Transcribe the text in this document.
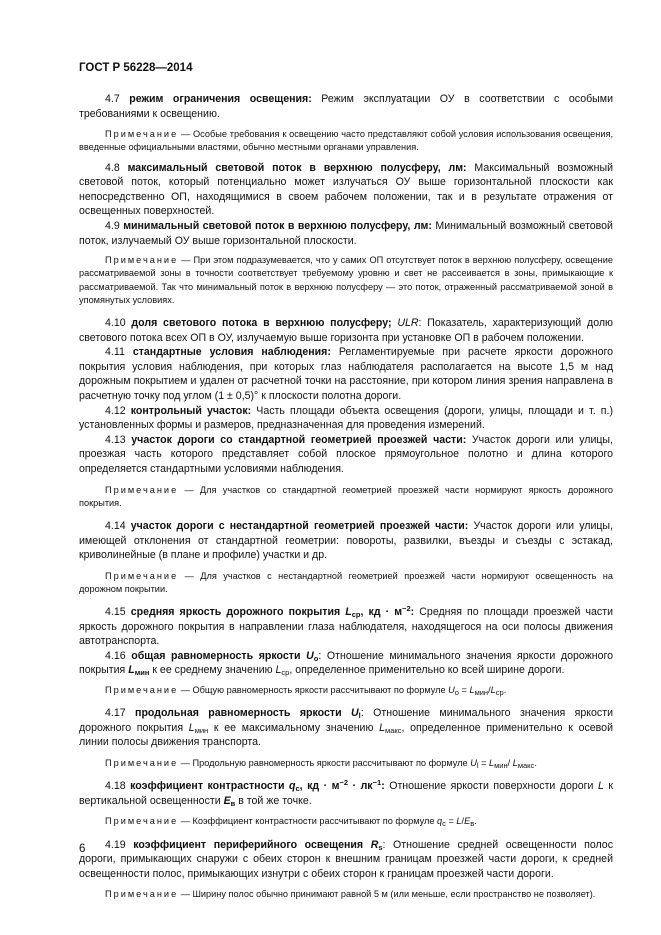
ГОСТ Р 56228—2014

4.7 режим ограничения освещения: Режим эксплуатации ОУ в соответствии с особыми требованиями к освещению.

Примечание — Особые требования к освещению часто представляют собой условия использования освещения, введенные официальными властями, обычно местными органами управления.

4.8 максимальный световой поток в верхнюю полусферу, лм: Максимальный возможный световой поток, который потенциально может излучаться ОУ выше горизонтальной плоскости как непосредственно ОП, находящимися в своем рабочем положении, так и в результате отражения от освещенных поверхностей.

4.9 минимальный световой поток в верхнюю полусферу, лм: Минимальный возможный световой поток, излучаемый ОУ выше горизонтальной плоскости.

Примечание — При этом подразумевается, что у самих ОП отсутствует поток в верхнюю полусферу, освещение рассматриваемой зоны в точности соответствует требуемому уровню и свет не рассеивается в зоны, примыкающие к рассматриваемой. Так что минимальный поток в верхнюю полусферу — это поток, отраженный рассматриваемой зоной в упомянутых условиях.

4.10 доля светового потока в верхнюю полусферу; ULR: Показатель, характеризующий долю светового потока всех ОП в ОУ, излучаемую выше горизонта при установке ОП в рабочем положении.

4.11 стандартные условия наблюдения: Регламентируемые при расчете яркости дорожного покрытия условия наблюдения, при которых глаз наблюдателя располагается на высоте 1,5 м над дорожным покрытием и удален от расчетной точки на расстояние, при котором линия зрения направлена в расчетную точку под углом (1 ± 0,5)° к плоскости полотна дороги.

4.12 контрольный участок: Часть площади объекта освещения (дороги, улицы, площади и т. п.) установленных формы и размеров, предназначенная для проведения измерений.

4.13 участок дороги со стандартной геометрией проезжей части: Участок дороги или улицы, проезжая часть которого представляет собой плоское прямоугольное полотно и длина которого определяется стандартными условиями наблюдения.

Примечание — Для участков со стандартной геометрией проезжей части нормируют яркость дорожного покрытия.

4.14 участок дороги с нестандартной геометрией проезжей части: Участок дороги или улицы, имеющей отклонения от стандартной геометрии: повороты, развилки, въезды и съезды с эстакад, криволинейные (в плане и профиле) участки и др.

Примечание — Для участков с нестандартной геометрией проезжей части нормируют освещенность на дорожном покрытии.

4.15 средняя яркость дорожного покрытия $L_{ср}$, кд · $м^{-2}$: Средняя по площади проезжей части яркость дорожного покрытия в направлении глаза наблюдателя, находящегося на оси полосы движения автотранспорта.

4.16 общая равномерность яркости $U_о$: Отношение минимального значения яркости дорожного покрытия $L_{мин}$ к ее среднему значению $L_{ср}$, определенное применительно ко всей ширине дороги.

Примечание — Общую равномерность яркости рассчитывают по формуле $U_о = L_{мин}/L_{ср}$.

4.17 продольная равномерность яркости $U_l$: Отношение минимального значения яркости дорожного покрытия $L_{мин}$ к ее максимальному значению $L_{макс}$, определенное применительно к осевой линии полосы движения транспорта.

Примечание — Продольную равномерность яркости рассчитывают по формуле $U_l = L_{мин}/$ $L_{макс}$.

4.18 коэффициент контрастности $q_c$, кд · $м^{-2} \cdot лк^{-1}$: Отношение яркости поверхности дороги L к вертикальной освещенности $E_в$ в той же точке.

Примечание — Коэффициент контрастности рассчитывают по формуле $q_c = L/E_в$.

4.19 коэффициент периферийного освещения $R_s$: Отношение средней освещенности полос дороги, примыкающих снаружи с обеих сторон к внешним границам проезжей части дороги, к средней освещенности полос, примыкающих изнутри с обеих сторон к границам проезжей части дороги.

Примечание — Ширину полос обычно принимают равной 5 м (или меньше, если пространство не позволяет).

6
